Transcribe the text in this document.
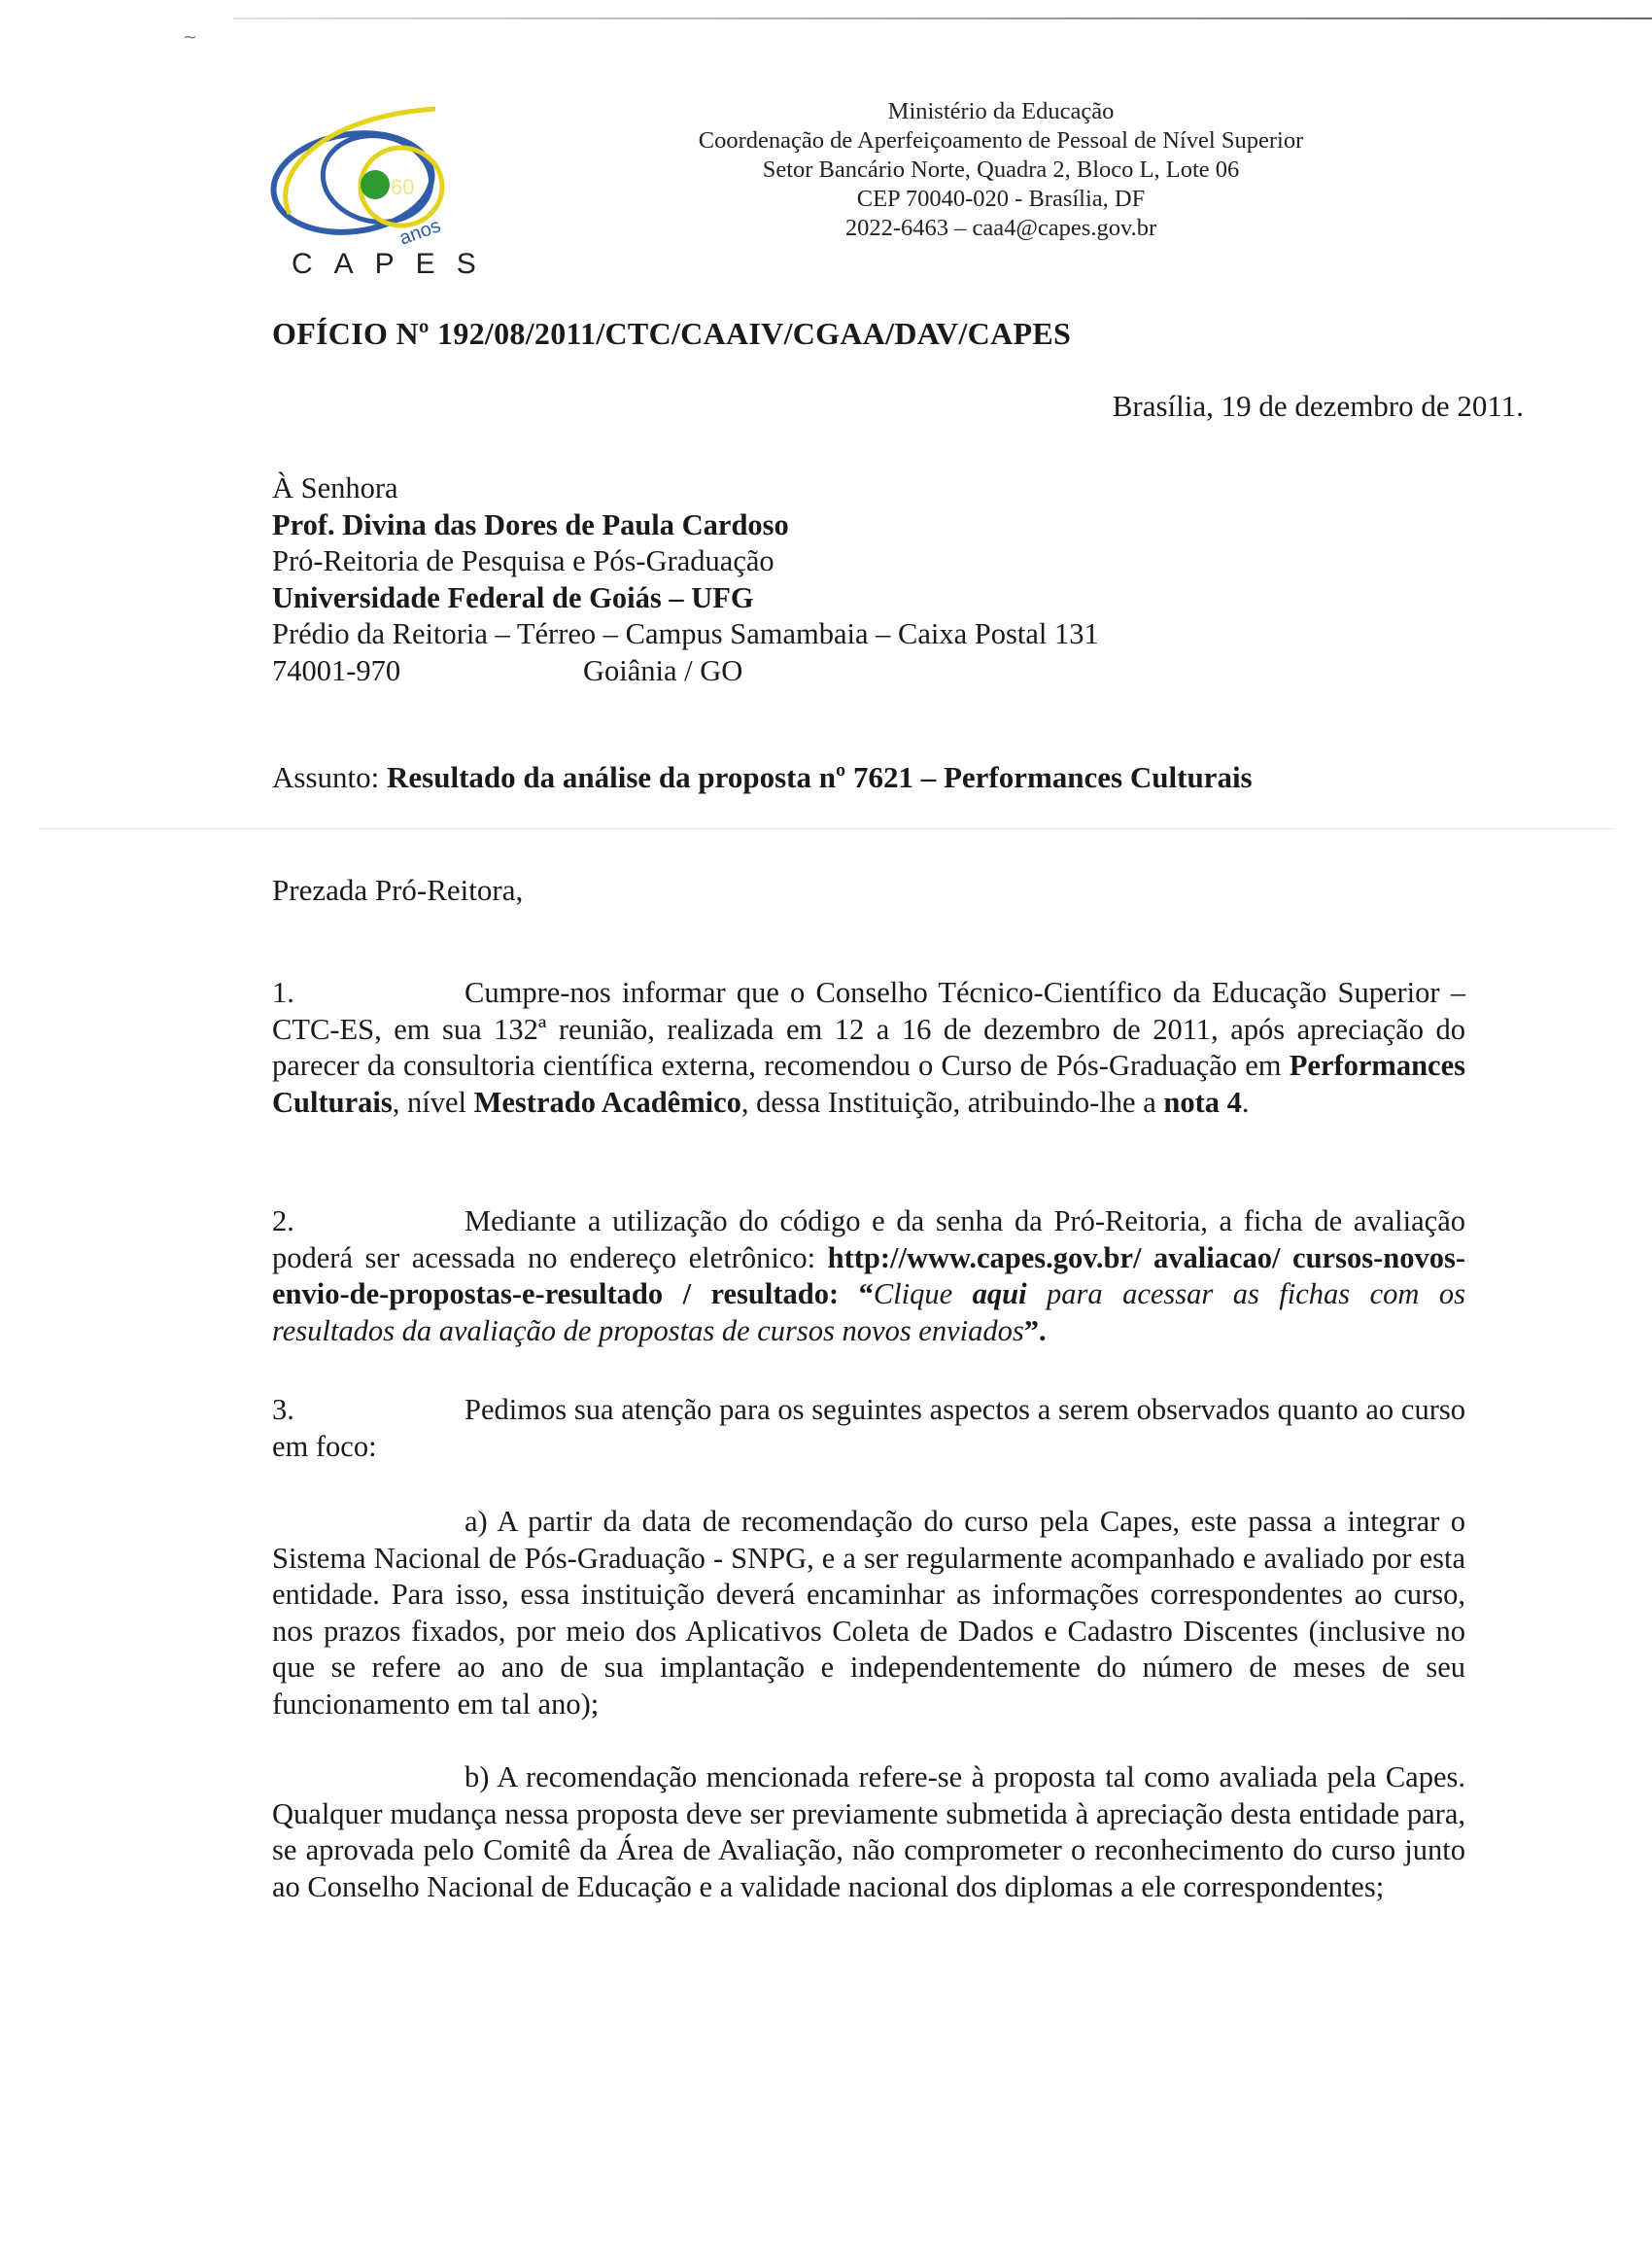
~
anos
60
CAPES
Ministério da Educação
Coordenação de Aperfeiçoamento de Pessoal de Nível Superior
Setor Bancário Norte, Quadra 2, Bloco L, Lote 06
CEP 70040-020 - Brasília, DF
2022-6463 – caa4@capes.gov.br
OFÍCIO Nº 192/08/2011/CTC/CAAIV/CGAA/DAV/CAPES
Brasília, 19 de dezembro de 2011.
À Senhora
Prof. Divina das Dores de Paula Cardoso
Pró-Reitoria de Pesquisa e Pós-Graduação
Universidade Federal de Goiás – UFG
Prédio da Reitoria – Térreo – Campus Samambaia – Caixa Postal 131
74001-970	Goiânia / GO
Assunto: Resultado da análise da proposta nº 7621 – Performances Culturais
Prezada Pró-Reitora,
1.	Cumpre-nos informar que o Conselho Técnico-Científico da Educação Superior – CTC-ES, em sua 132ª reunião, realizada em 12 a 16 de dezembro de 2011, após apreciação do parecer da consultoria científica externa, recomendou o Curso de Pós-Graduação em Performances Culturais, nível Mestrado Acadêmico, dessa Instituição, atribuindo-lhe a nota 4.
2.	Mediante a utilização do código e da senha da Pró-Reitoria, a ficha de avaliação poderá ser acessada no endereço eletrônico: http://www.capes.gov.br/ avaliacao/ cursos-novos-envio-de-propostas-e-resultado / resultado: “Clique aqui para acessar as fichas com os resultados da avaliação de propostas de cursos novos enviados”.
3.	Pedimos sua atenção para os seguintes aspectos a serem observados quanto ao curso em foco:
a) A partir da data de recomendação do curso pela Capes, este passa a integrar o Sistema Nacional de Pós-Graduação - SNPG, e a ser regularmente acompanhado e avaliado por esta entidade. Para isso, essa instituição deverá encaminhar as informações correspondentes ao curso, nos prazos fixados, por meio dos Aplicativos Coleta de Dados e Cadastro Discentes (inclusive no que se refere ao ano de sua implantação e independentemente do número de meses de seu funcionamento em tal ano);
b) A recomendação mencionada refere-se à proposta tal como avaliada pela Capes. Qualquer mudança nessa proposta deve ser previamente submetida à apreciação desta entidade para, se aprovada pelo Comitê da Área de Avaliação, não comprometer o reconhecimento do curso junto ao Conselho Nacional de Educação e a validade nacional dos diplomas a ele correspondentes;
